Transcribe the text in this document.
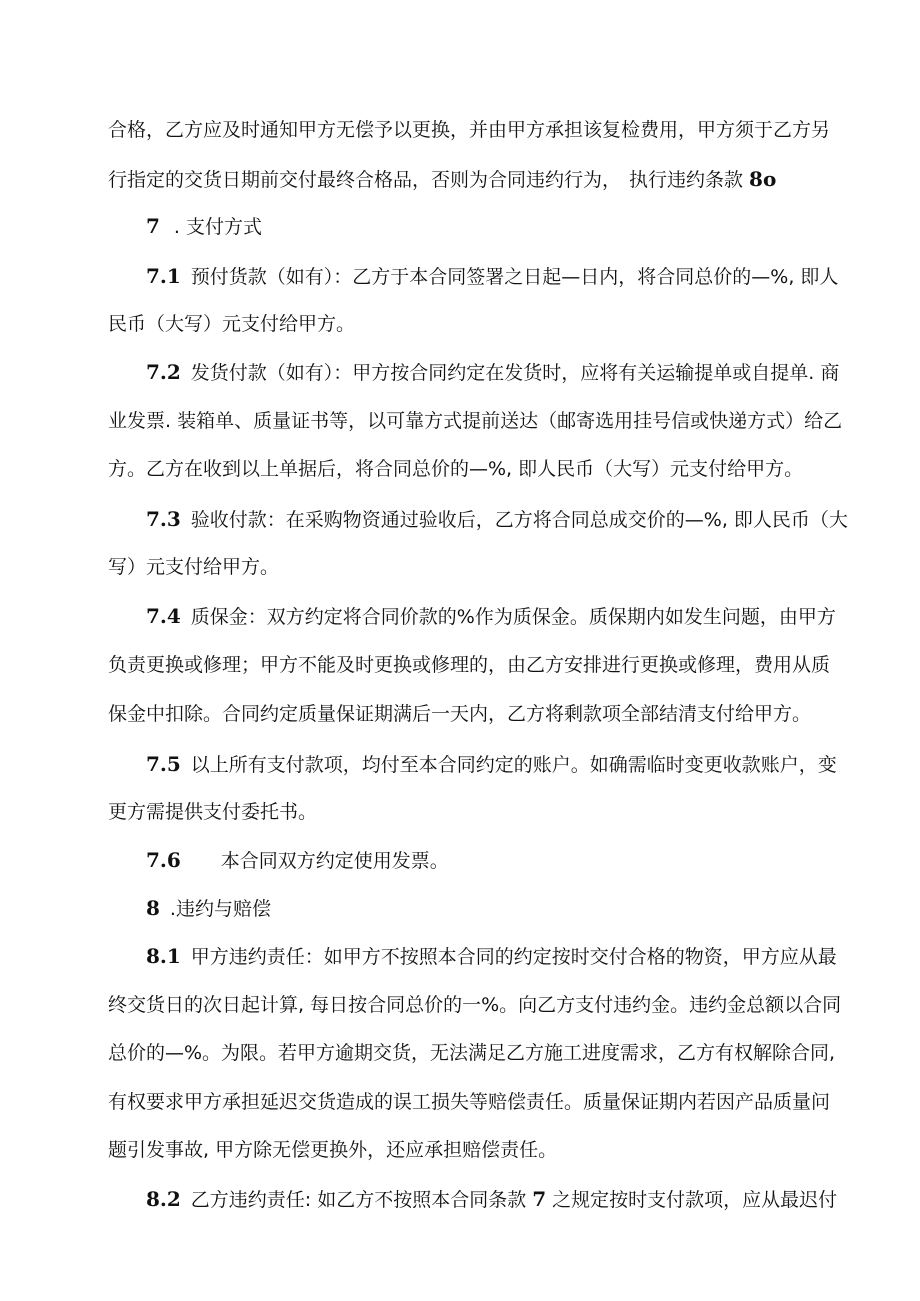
合格，乙方应及时通知甲方无偿予以更换，并由甲方承担该复检费用，甲方须于乙方另
行指定的交货日期前交付最终合格品，否则为合同违约行为， 执行违约条款 8o
7 . 支付方式
7.1 预付货款（如有）：乙方于本合同签署之日起—日内，将合同总价的—%, 即人
民币（大写）元支付给甲方。
7.2 发货付款（如有）：甲方按合同约定在发货时，应将有关运输提单或自提单. 商
业发票. 装箱单、质量证书等，以可靠方式提前送达（邮寄选用挂号信或快递方式）给乙
方。乙方在收到以上单据后，将合同总价的—%, 即人民币（大写）元支付给甲方。
7.3 验收付款：在采购物资通过验收后，乙方将合同总成交价的—%, 即人民币（大
写）元支付给甲方。
7.4 质保金：双方约定将合同价款的%作为质保金。质保期内如发生问题，由甲方
负责更换或修理；甲方不能及时更换或修理的，由乙方安排进行更换或修理，费用从质
保金中扣除。合同约定质量保证期满后一天内，乙方将剩款项全部结清支付给甲方。
7.5 以上所有支付款项，均付至本合同约定的账户。如确需临时变更收款账户，变
更方需提供支付委托书。
7.6 本合同双方约定使用发票。
8 .违约与赔偿
8.1 甲方违约责任：如甲方不按照本合同的约定按时交付合格的物资，甲方应从最
终交货日的次日起计算, 每日按合同总价的一%。向乙方支付违约金。违约金总额以合同
总价的—%。为限。若甲方逾期交货，无法满足乙方施工进度需求，乙方有权解除合同,
有权要求甲方承担延迟交货造成的误工损失等赔偿责任。质量保证期内若因产品质量问
题引发事故, 甲方除无偿更换外，还应承担赔偿责任。
8.2 乙方违约责任: 如乙方不按照本合同条款 7 之规定按时支付款项，应从最迟付
